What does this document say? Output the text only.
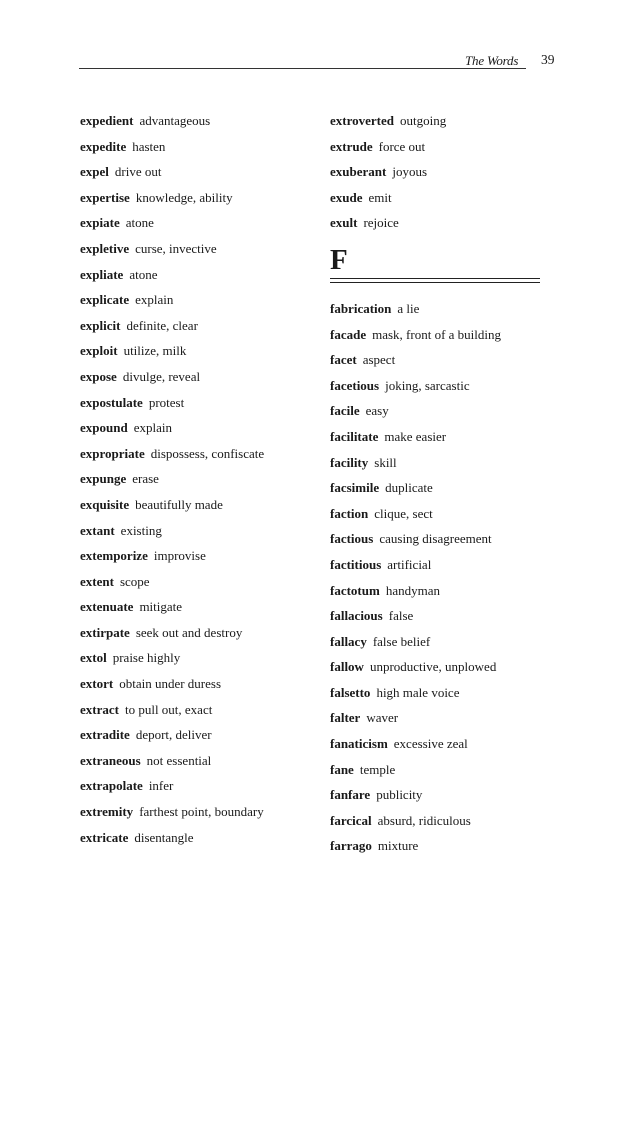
The Words 39
expedient advantageous
expedite hasten
expel drive out
expertise knowledge, ability
expiate atone
expletive curse, invective
expliate atone
explicate explain
explicit definite, clear
exploit utilize, milk
expose divulge, reveal
expostulate protest
expound explain
expropriate dispossess, confiscate
expunge erase
exquisite beautifully made
extant existing
extemporize improvise
extent scope
extenuate mitigate
extirpate seek out and destroy
extol praise highly
extort obtain under duress
extract to pull out, exact
extradite deport, deliver
extraneous not essential
extrapolate infer
extremity farthest point, boundary
extricate disentangle
extroverted outgoing
extrude force out
exuberant joyous
exude emit
exult rejoice
F
fabrication a lie
facade mask, front of a building
facet aspect
facetious joking, sarcastic
facile easy
facilitate make easier
facility skill
facsimile duplicate
faction clique, sect
factious causing disagreement
factitious artificial
factotum handyman
fallacious false
fallacy false belief
fallow unproductive, unplowed
falsetto high male voice
falter waver
fanaticism excessive zeal
fane temple
fanfare publicity
farcical absurd, ridiculous
farrago mixture
